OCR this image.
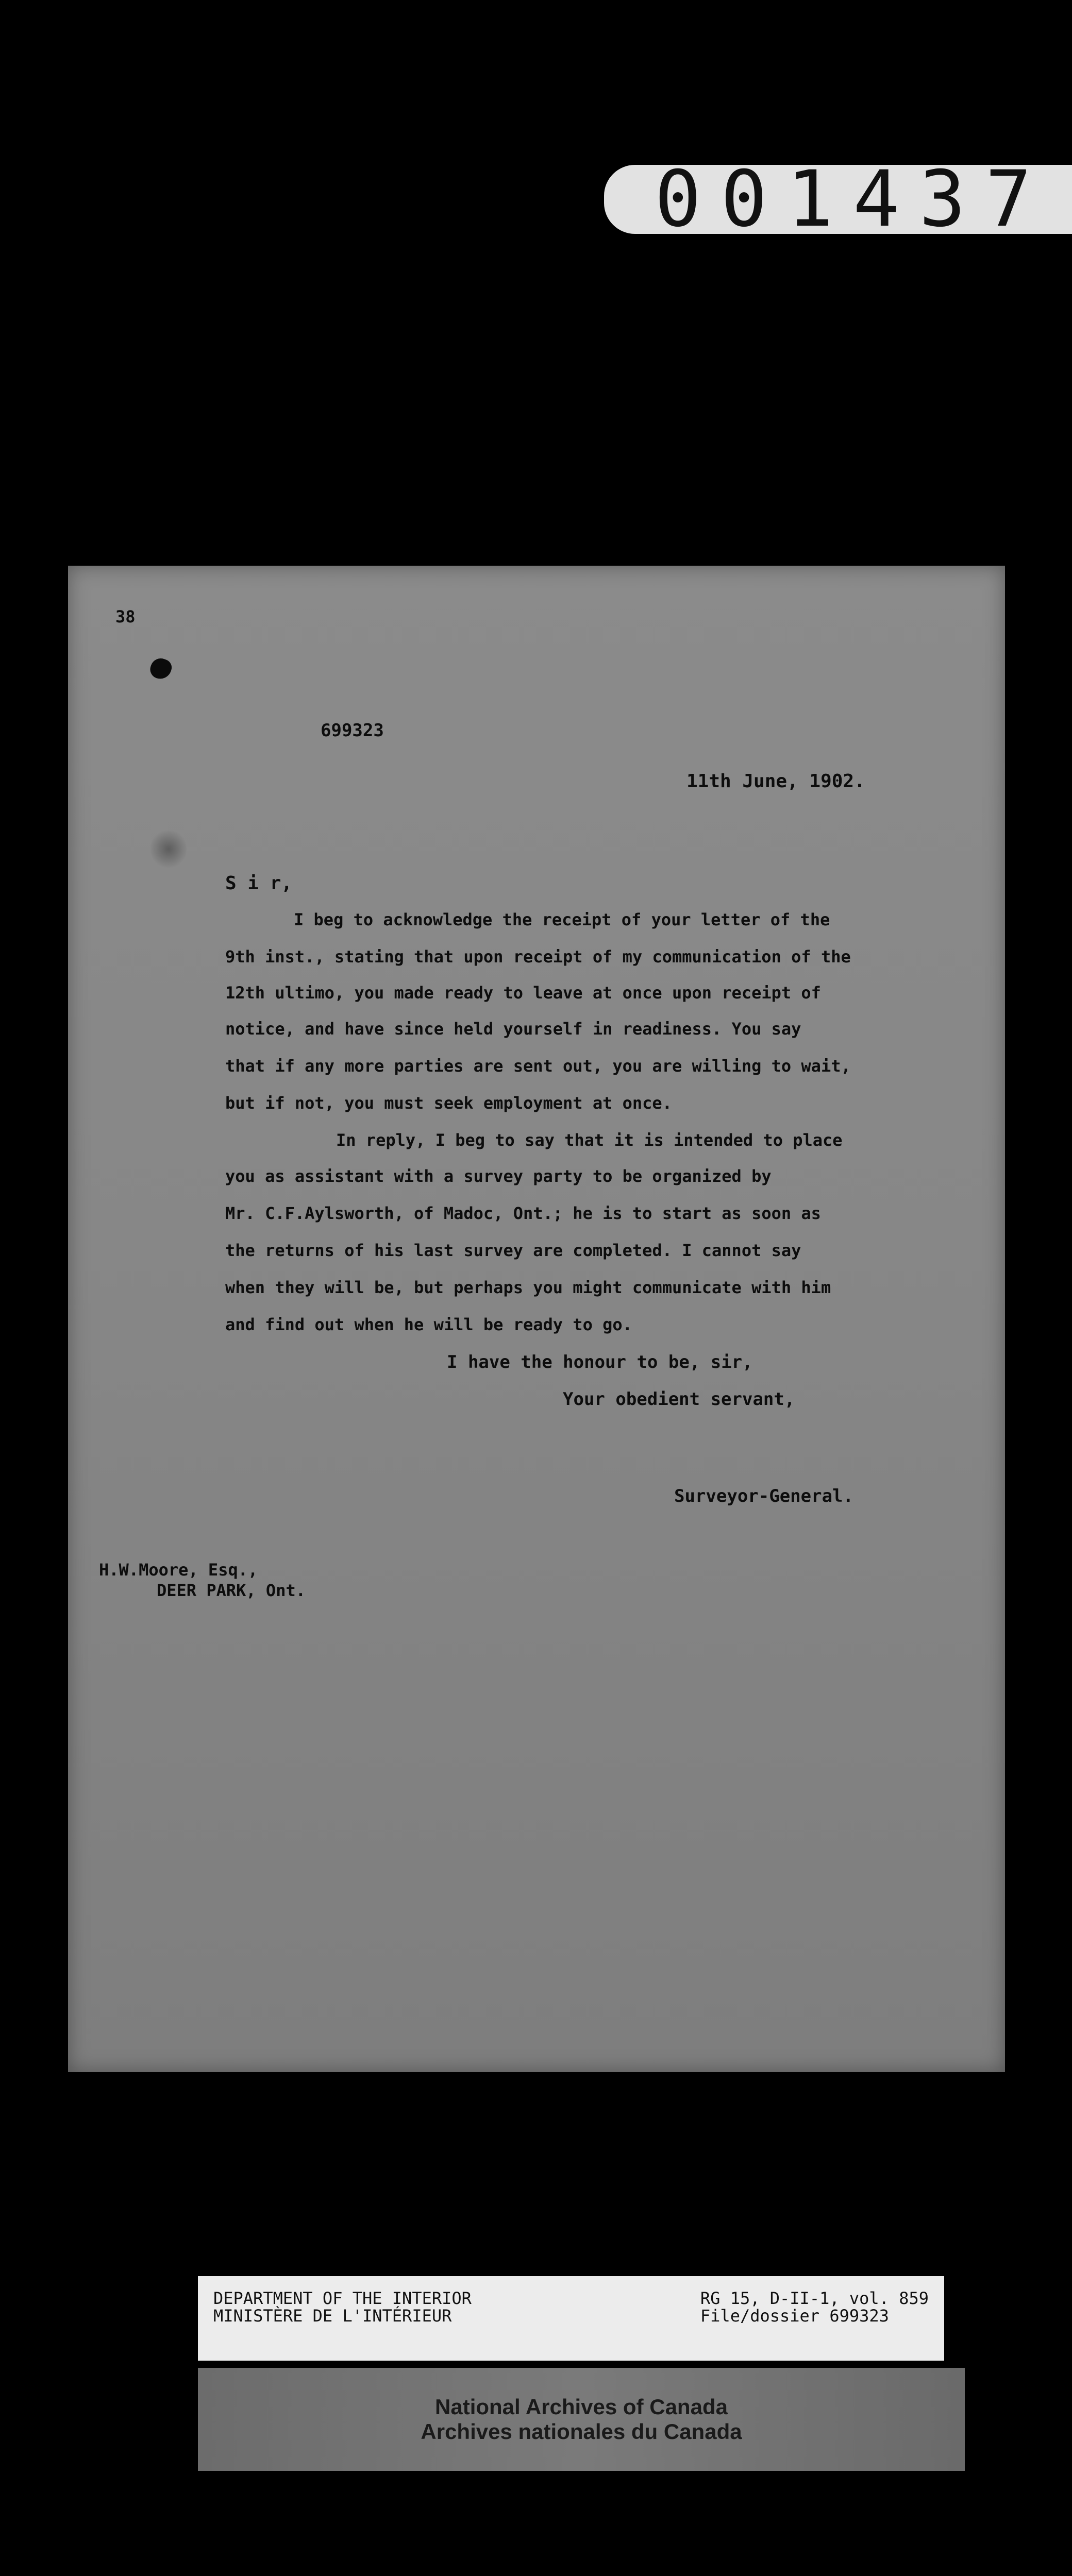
001437
38
699323
11th June, 1902.
S i r,
I beg to acknowledge the receipt of your letter of the
9th inst., stating that upon receipt of my communication of the
12th ultimo, you made ready to leave at once upon receipt of
notice, and have since held yourself in readiness. You say
that if any more parties are sent out, you are willing to wait,
but if not, you must seek employment at once.
In reply, I beg to say that it is intended to place
you as assistant with a survey party to be organized by
Mr. C.F.Aylsworth, of Madoc, Ont.; he is to start as soon as
the returns of his last survey are completed. I cannot say
when they will be, but perhaps you might communicate with him
and find out when he will be ready to go.
I have the honour to be, sir,
Your obedient servant,
Surveyor-General.
H.W.Moore, Esq.,
DEER PARK, Ont.
DEPARTMENT OF THE INTERIOR
MINISTÈRE DE L'INTÉRIEUR
RG 15, D-II-1, vol. 859
File/dossier 699323
National Archives of Canada
Archives nationales du Canada
